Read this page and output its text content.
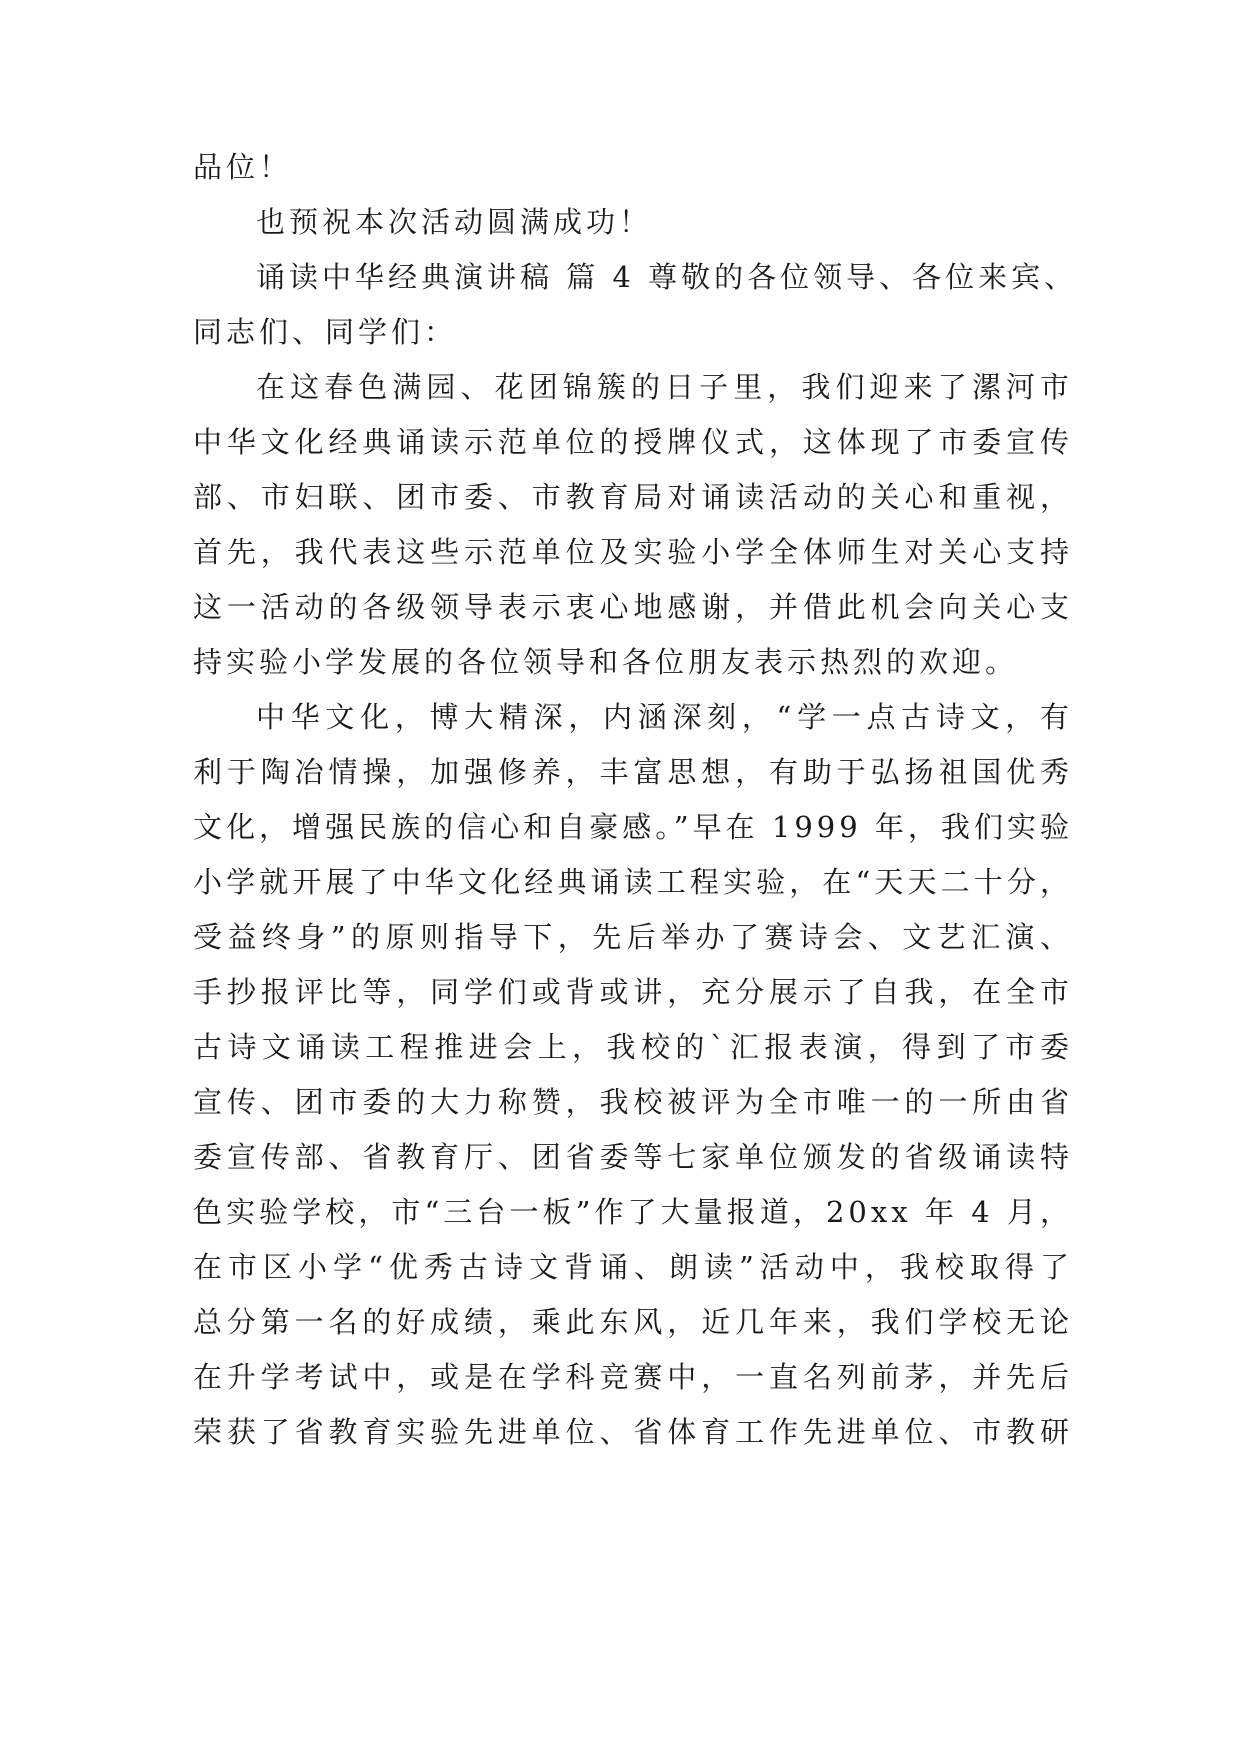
品位！
也预祝本次活动圆满成功！
诵读中华经典演讲稿 篇 4 尊敬的各位领导、各位来宾、
同志们、同学们：
在这春色满园、花团锦簇的日子里，我们迎来了漯河市
中华文化经典诵读示范单位的授牌仪式，这体现了市委宣传
部、市妇联、团市委、市教育局对诵读活动的关心和重视，
首先，我代表这些示范单位及实验小学全体师生对关心支持
这一活动的各级领导表示衷心地感谢，并借此机会向关心支
持实验小学发展的各位领导和各位朋友表示热烈的欢迎。
中华文化，博大精深，内涵深刻，“学一点古诗文，有
利于陶冶情操，加强修养，丰富思想，有助于弘扬祖国优秀
文化，增强民族的信心和自豪感。”早在 1999 年，我们实验
小学就开展了中华文化经典诵读工程实验，在“天天二十分，
受益终身”的原则指导下，先后举办了赛诗会、文艺汇演、
手抄报评比等，同学们或背或讲，充分展示了自我，在全市
古诗文诵读工程推进会上，我校的`汇报表演，得到了市委
宣传、团市委的大力称赞，我校被评为全市唯一的一所由省
委宣传部、省教育厅、团省委等七家单位颁发的省级诵读特
色实验学校，市“三台一板”作了大量报道，20xx 年 4 月，
在市区小学“优秀古诗文背诵、朗读”活动中，我校取得了
总分第一名的好成绩，乘此东风，近几年来，我们学校无论
在升学考试中，或是在学科竞赛中，一直名列前茅，并先后
荣获了省教育实验先进单位、省体育工作先进单位、市教研
